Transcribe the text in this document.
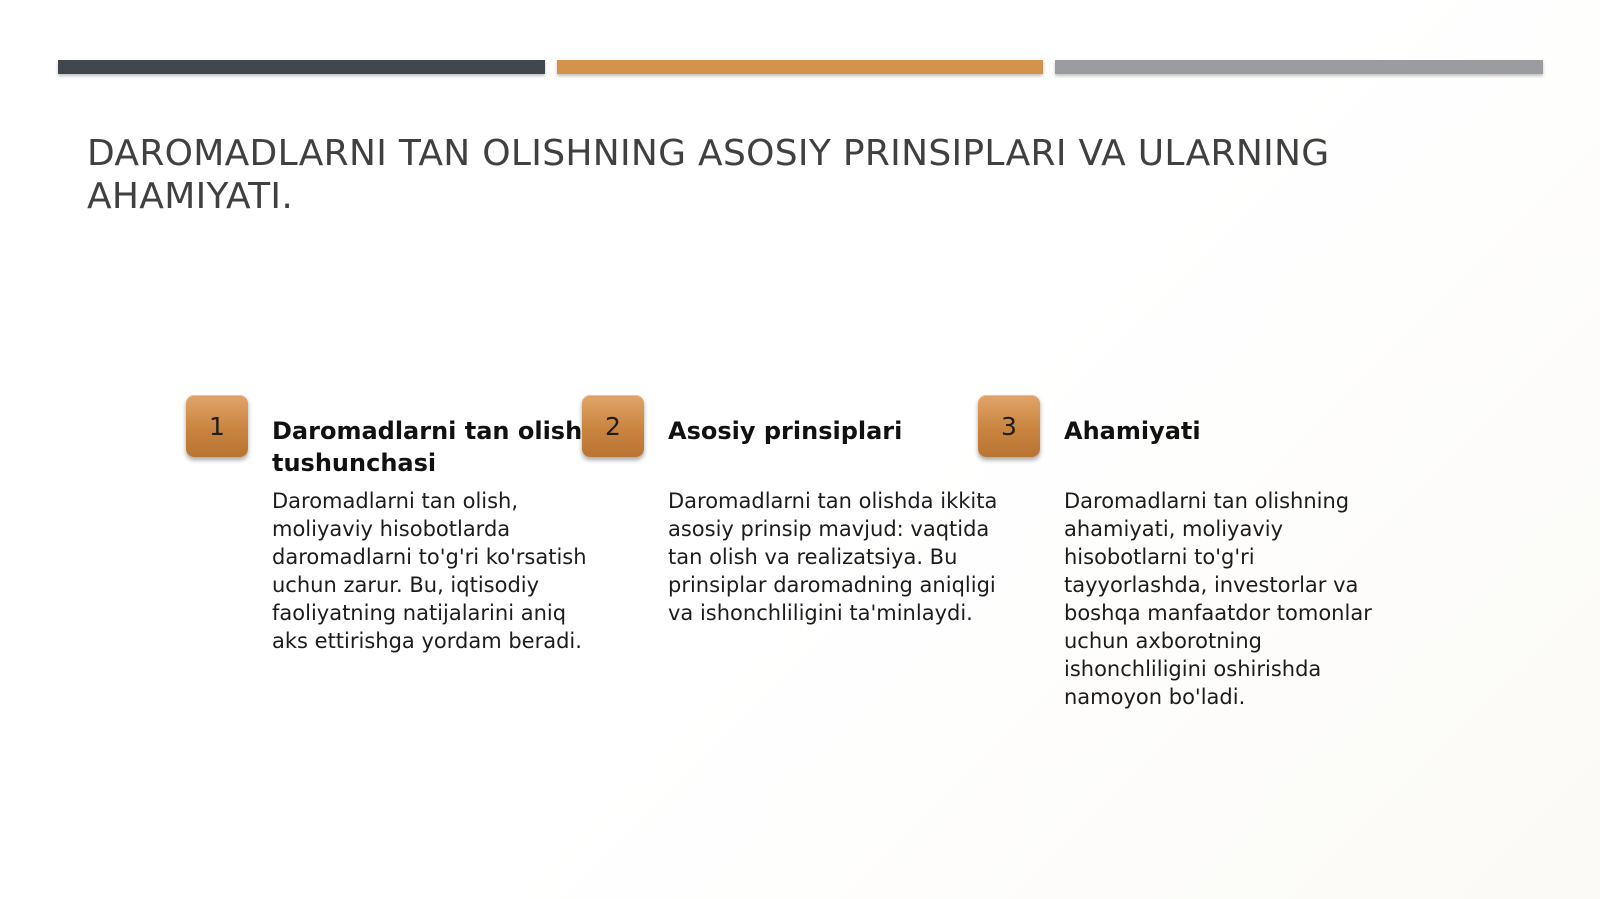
DAROMADLARNI TAN OLISHNING ASOSIY PRINSIPLARI VA ULARNING AHAMIYATI.
1	Daromadlarni tan olish tushunchasi

Daromadlarni tan olish, moliyaviy hisobotlarda daromadlarni to'g'ri ko'rsatish uchun zarur. Bu, iqtisodiy faoliyatning natijalarini aniq aks ettirishga yordam beradi.

2	Asosiy prinsiplari

Daromadlarni tan olishda ikkita asosiy prinsip mavjud: vaqtida tan olish va realizatsiya. Bu prinsiplar daromadning aniqligi va ishonchliligini ta'minlaydi.

3	Ahamiyati

Daromadlarni tan olishning ahamiyati, moliyaviy hisobotlarni to'g'ri tayyorlashda, investorlar va boshqa manfaatdor tomonlar uchun axborotning ishonchliligini oshirishda namoyon bo'ladi.
